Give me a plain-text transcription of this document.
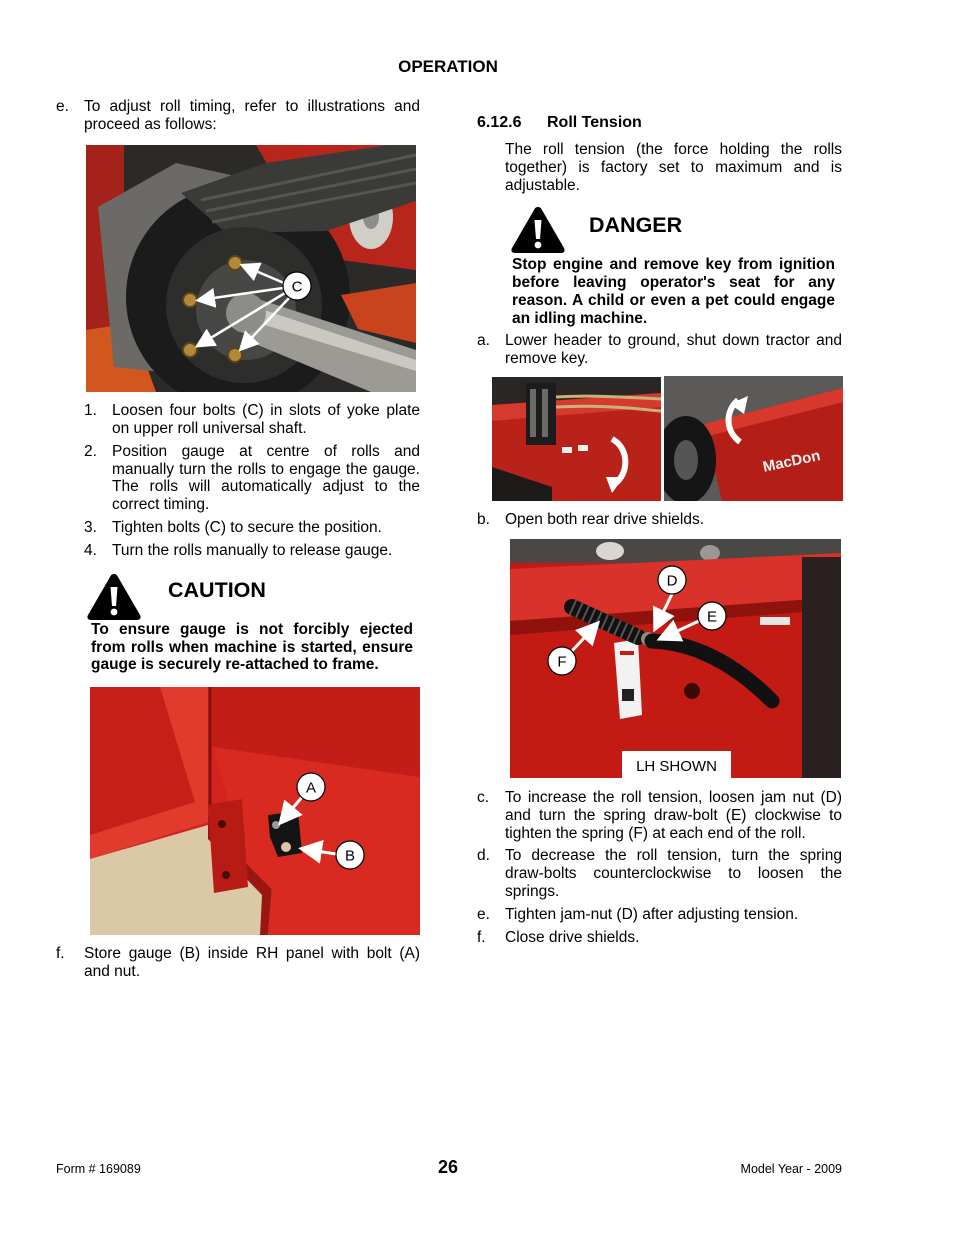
OPERATION

e. To adjust roll timing, refer to illustrations and proceed as follows:

C

1. Loosen four bolts (C) in slots of yoke plate on upper roll universal shaft.

2. Position gauge at centre of rolls and manually turn the rolls to engage the gauge. The rolls will automatically adjust to the correct timing.

3. Tighten bolts (C) to secure the position.

4. Turn the rolls manually to release gauge.

CAUTION

To ensure gauge is not forcibly ejected from rolls when machine is started, ensure gauge is securely re-attached to frame.

A
B

f. Store gauge (B) inside RH panel with bolt (A) and nut.

6.12.6 Roll Tension

The roll tension (the force holding the rolls together) is factory set to maximum and is adjustable.

DANGER

Stop engine and remove key from ignition before leaving operator's seat for any reason. A child or even a pet could engage an idling machine.

a. Lower header to ground, shut down tractor and remove key.

MacDon

b. Open both rear drive shields.

D
E
F
LH SHOWN

c. To increase the roll tension, loosen jam nut (D) and turn the spring draw-bolt (E) clockwise to tighten the spring (F) at each end of the roll.

d. To decrease the roll tension, turn the spring draw-bolts counterclockwise to loosen the springs.

e. Tighten jam-nut (D) after adjusting tension.

f. Close drive shields.

Form # 169089	26	Model Year - 2009
